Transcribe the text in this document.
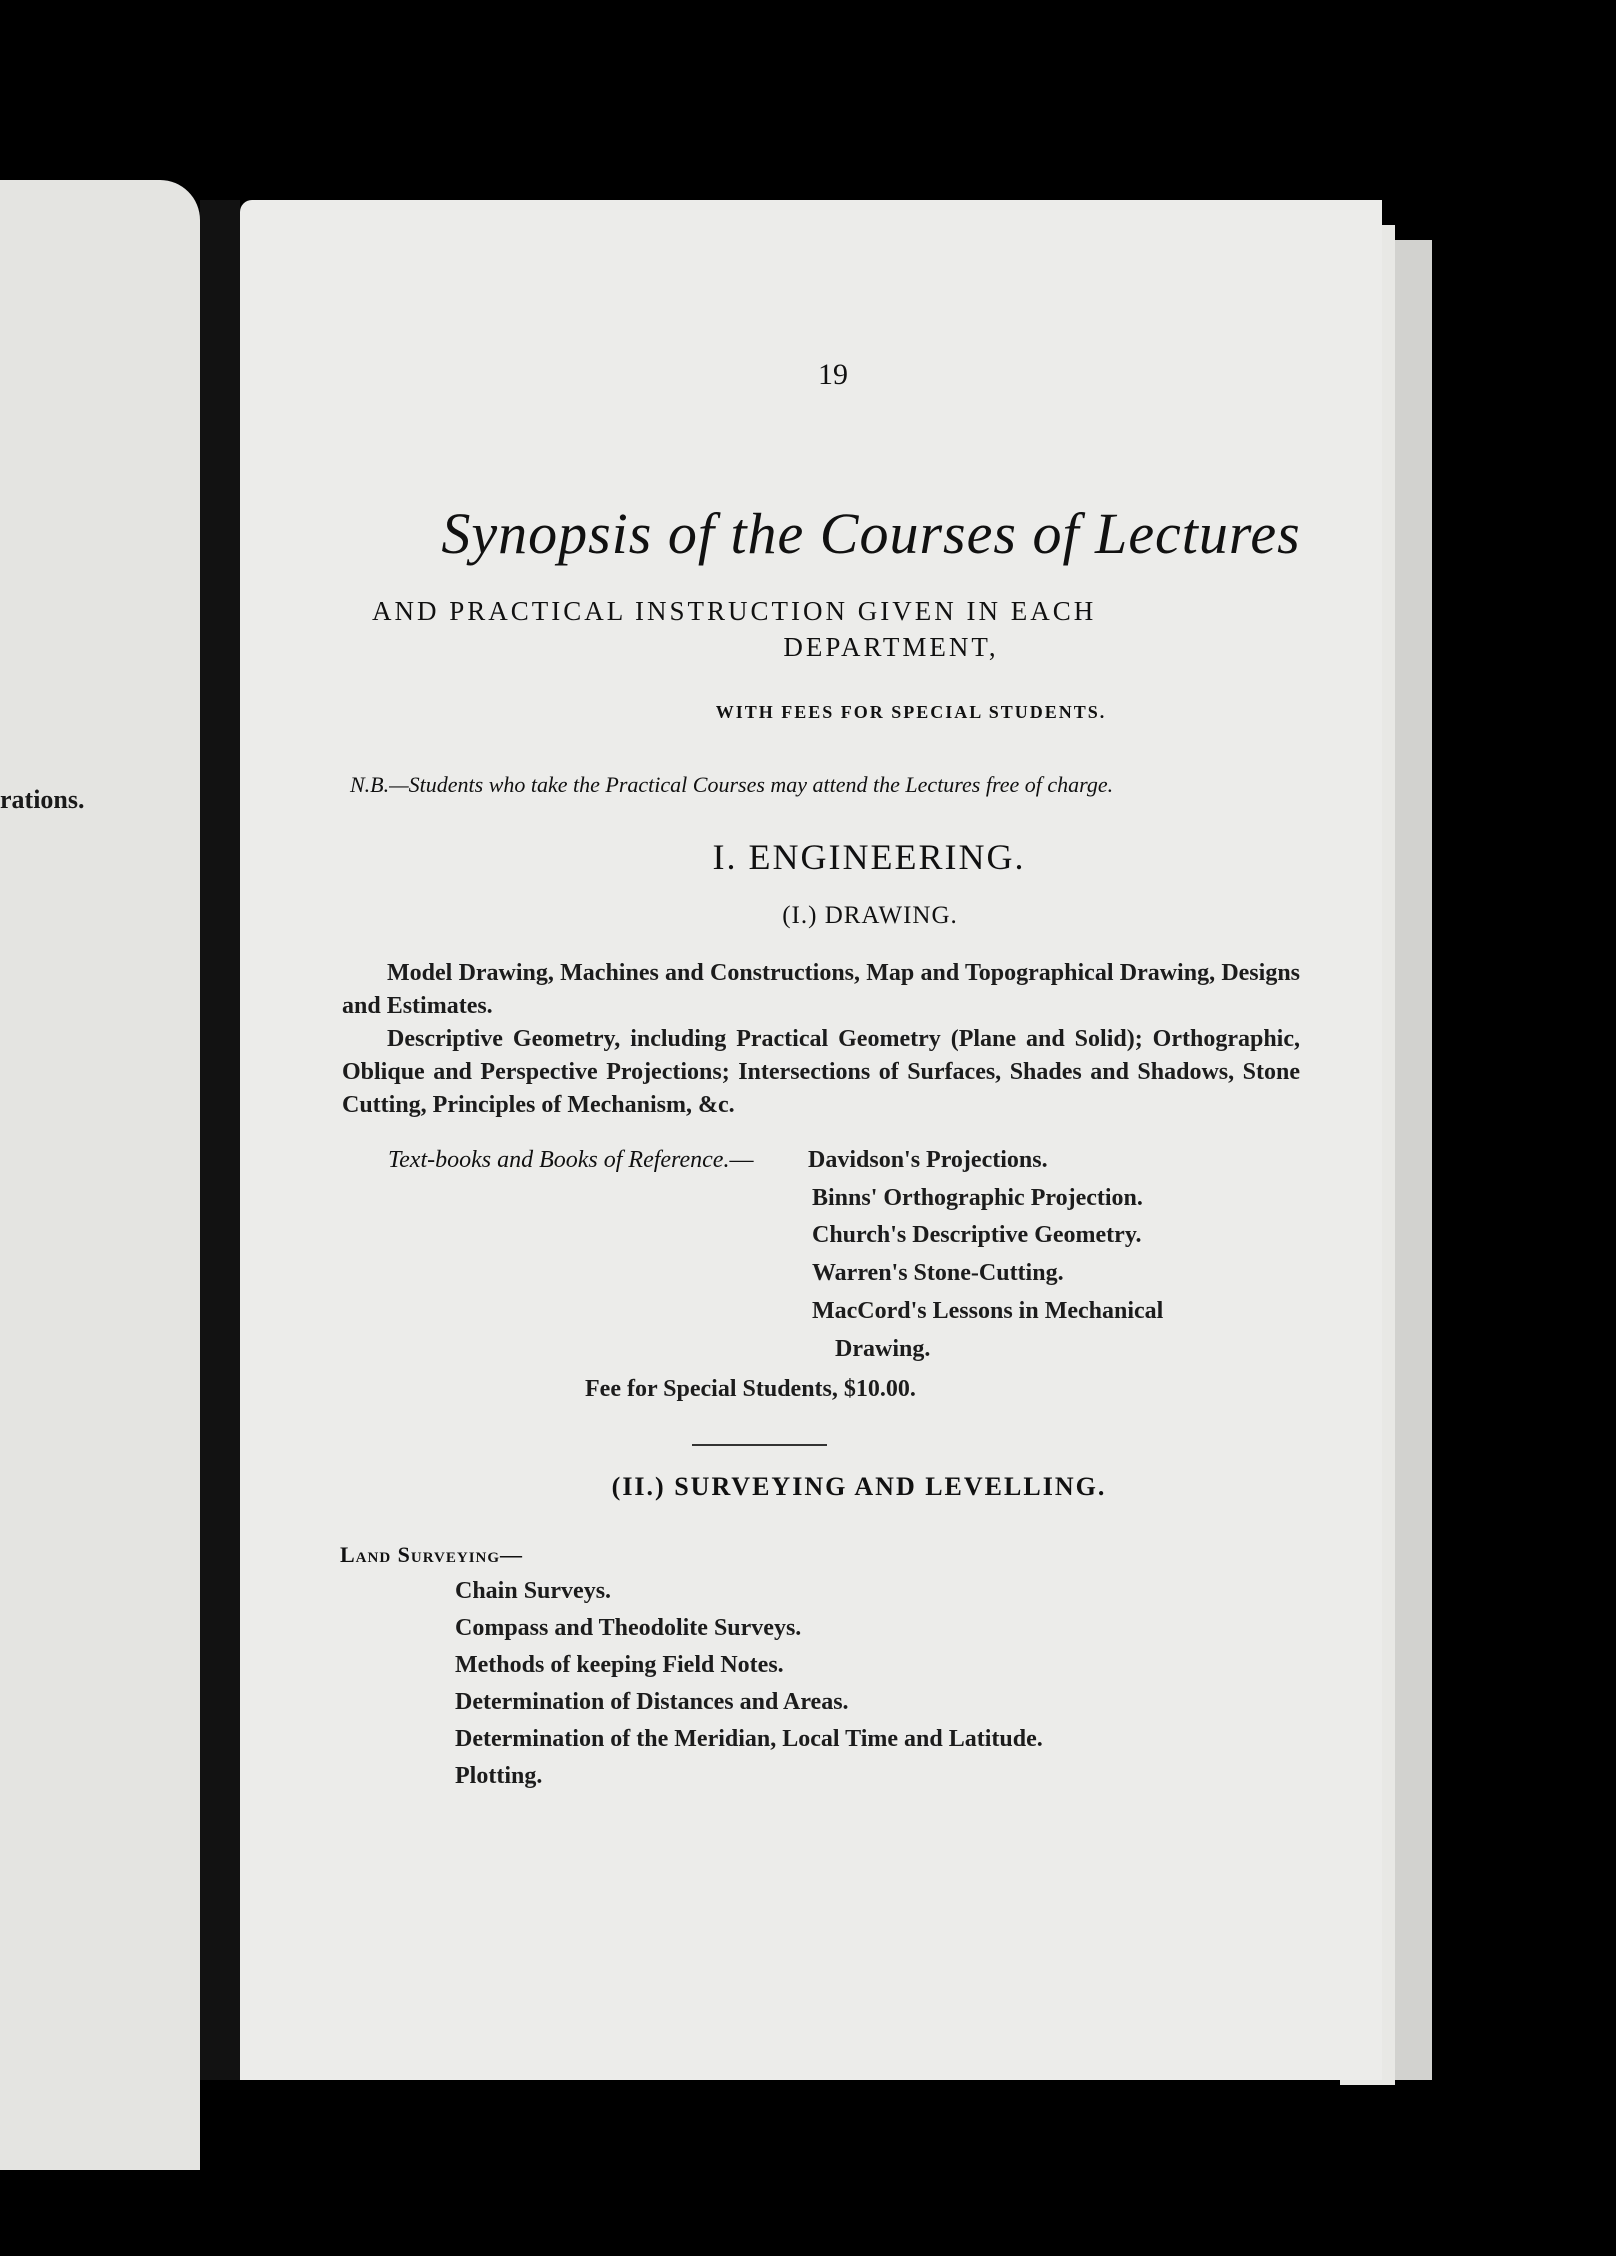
rations.
19
Synopsis of the Courses of Lectures
AND PRACTICAL INSTRUCTION GIVEN IN EACH
DEPARTMENT,
WITH FEES FOR SPECIAL STUDENTS.
N.B.—Students who take the Practical Courses may attend the Lectures free of charge.
I. ENGINEERING.
(I.) DRAWING.
Model Drawing, Machines and Constructions, Map and Topographical Drawing, Designs and Estimates.
Descriptive Geometry, including Practical Geometry (Plane and Solid); Orthographic, Oblique and Perspective Projections; Intersections of Surfaces, Shades and Shadows, Stone Cutting, Principles of Mechanism, &c.
Text-books and Books of Reference.— Davidson's Projections.
Binns' Orthographic Projection.
Church's Descriptive Geometry.
Warren's Stone-Cutting.
MacCord's Lessons in Mechanical
Drawing.
Fee for Special Students, $10.00.
(II.) SURVEYING AND LEVELLING.
Land Surveying—
Chain Surveys.
Compass and Theodolite Surveys.
Methods of keeping Field Notes.
Determination of Distances and Areas.
Determination of the Meridian, Local Time and Latitude.
Plotting.
